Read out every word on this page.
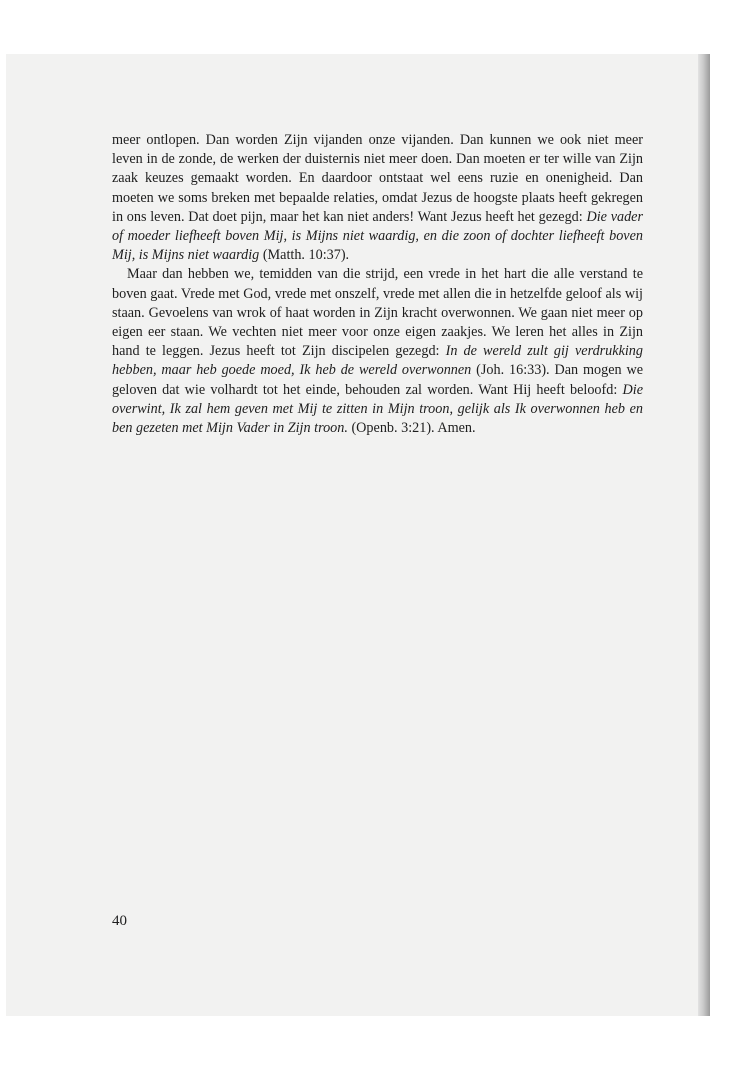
meer ontlopen. Dan worden Zijn vijanden onze vijanden. Dan kunnen we ook niet meer leven in de zonde, de werken der duisternis niet meer doen. Dan moeten er ter wille van Zijn zaak keuzes gemaakt worden. En daardoor ontstaat wel eens ruzie en onenigheid. Dan moeten we soms breken met bepaalde relaties, omdat Jezus de hoogste plaats heeft gekregen in ons leven. Dat doet pijn, maar het kan niet anders! Want Jezus heeft het gezegd: Die vader of moeder liefheeft boven Mij, is Mijns niet waardig, en die zoon of dochter liefheeft boven Mij, is Mijns niet waardig (Matth. 10:37).

Maar dan hebben we, temidden van die strijd, een vrede in het hart die alle verstand te boven gaat. Vrede met God, vrede met onszelf, vrede met allen die in hetzelfde geloof als wij staan. Gevoelens van wrok of haat worden in Zijn kracht overwonnen. We gaan niet meer op eigen eer staan. We vechten niet meer voor onze eigen zaakjes. We leren het alles in Zijn hand te leggen. Jezus heeft tot Zijn discipelen gezegd: In de wereld zult gij verdrukking hebben, maar heb goede moed, Ik heb de wereld overwonnen (Joh. 16:33). Dan mogen we geloven dat wie volhardt tot het einde, behouden zal worden. Want Hij heeft beloofd: Die overwint, Ik zal hem geven met Mij te zitten in Mijn troon, gelijk als Ik overwonnen heb en ben gezeten met Mijn Vader in Zijn troon. (Openb. 3:21). Amen.

40
